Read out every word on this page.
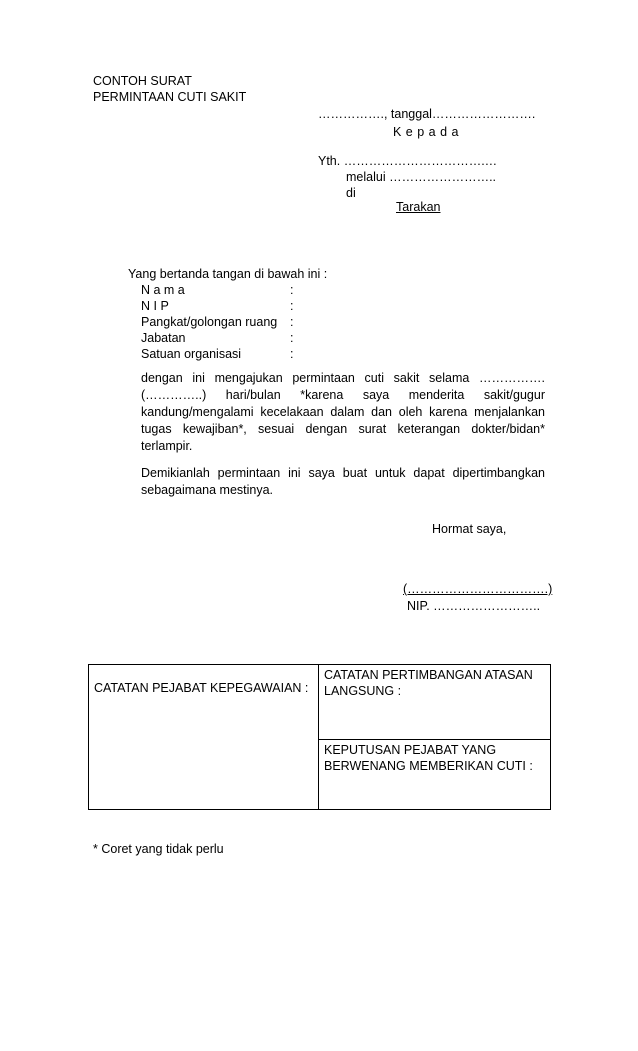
CONTOH SURAT
PERMINTAAN CUTI SAKIT
……………., tanggal…………………….
K e p a d a
Yth. …………………………….…
melalui ……………………..
di
Tarakan
Yang bertanda tangan di bawah ini :
N a m a	:
N I P	:
Pangkat/golongan ruang :
Jabatan	:
Satuan organisasi	:
dengan ini mengajukan permintaan cuti sakit selama ……………. (…………..) hari/bulan *karena saya menderita sakit/gugur kandung/mengalami kecelakaan dalam dan oleh karena menjalankan tugas kewajiban*, sesuai dengan surat keterangan dokter/bidan* terlampir.
Demikianlah permintaan ini saya buat untuk dapat dipertimbangkan sebagaimana mestinya.
Hormat saya,
(…………………………….)
NIP. ……………………..
CATATAN PEJABAT KEPEGAWAIAN :

CATATAN PERTIMBANGAN ATASAN LANGSUNG :

KEPUTUSAN PEJABAT YANG BERWENANG MEMBERIKAN CUTI :
* Coret yang tidak perlu
